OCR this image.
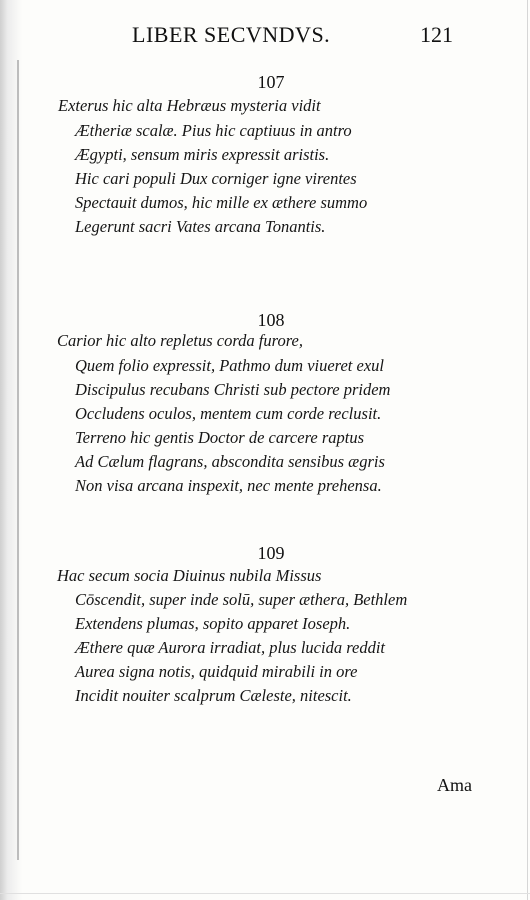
LIBER SECVNDVS.	121
107
Exterus hic alta Hebræus mysteria vidit
Ætheriæ scalæ. Pius hic captiuus in antro
Ægypti, sensum miris expressit aristis.
Hic cari populi Dux corniger igne virentes
Spectauit dumos, hic mille ex æthere summo
Legerunt sacri Vates arcana Tonantis.
108
Carior hic alto repletus corda furore,
Quem folio expressit, Pathmo dum viueret exul
Discipulus recubans Christi sub pectore pridem
Occludens oculos, mentem cum corde reclusit.
Terreno hic gentis Doctor de carcere raptus
Ad Cælum flagrans, abscondita sensibus ægris
Non visa arcana inspexit, nec mente prehensa.
109
Hac secum socia Diuinus nubila Missus
Cōscendit, super inde solū, super æthera, Bethlem
Extendens plumas, sopito apparet Ioseph.
Æthere quæ Aurora irradiat, plus lucida reddit
Aurea signa notis, quidquid mirabili in ore
Incidit nouiter scalprum Cæleste, nitescit.
Ama
